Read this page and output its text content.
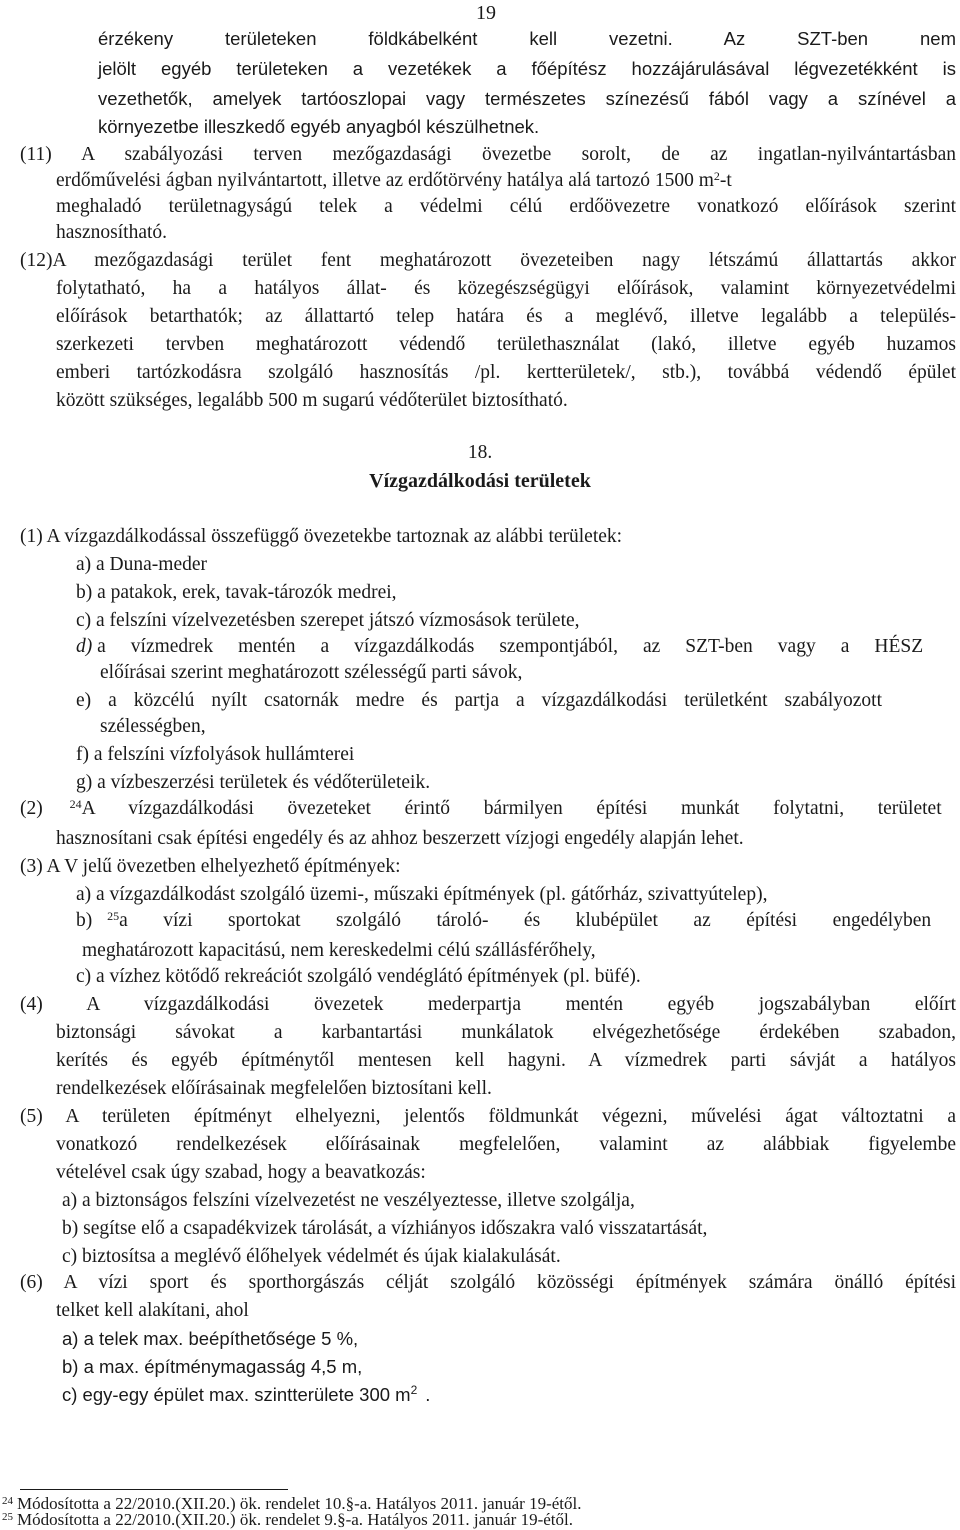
19
érzékeny területeken földkábelként kell vezetni. Az SZT-ben nem
jelölt egyéb területeken a vezetékek a főépítész hozzájárulásával légvezetékként is
vezethetők, amelyek tartóoszlopai vagy természetes színezésű fából vagy a színével a
környezetbe illeszkedő egyéb anyagból készülhetnek.
(11) A szabályozási terven mezőgazdasági övezetbe sorolt, de az ingatlan-nyilvántartásban
erdőművelési ágban nyilvántartott, illetve az erdőtörvény hatálya alá tartozó 1500 $m^2-t$
meghaladó területnagyságú telek a védelmi célú erdőövezetre vonatkozó előírások szerint
hasznosítható.
(12)A mezőgazdasági terület fent meghatározott övezeteiben nagy létszámú állattartás akkor
folytatható, ha a hatályos állat- és közegészségügyi előírások, valamint környezetvédelmi
előírások betarthatók; az állattartó telep határa és a meglévő, illetve legalább a település-
szerkezeti tervben meghatározott védendő területhasználat (lakó, illetve egyéb huzamos
emberi tartózkodásra szolgáló hasznosítás /pl. kertterületek/, stb.), továbbá védendő épület
között szükséges, legalább 500 m sugarú védőterület biztosítható.
18.
Vízgazdálkodási területek
(1) A vízgazdálkodással összefüggő övezetekbe tartoznak az alábbi területek:
a) a Duna-meder
b) a patakok, erek, tavak-tározók medrei,
c) a felszíni vízelvezetésben szerepet játszó vízmosások területe,
d) a vízmedrek mentén a vízgazdálkodás szempontjából, az SZT-ben vagy a HÉSZ
előírásai szerint meghatározott szélességű parti sávok,
e) a közcélú nyílt csatornák medre és partja a vízgazdálkodási területként szabályozott
szélességben,
f) a felszíni vízfolyások hullámterei
g) a vízbeszerzési területek és védőterületeik.
(2) $^{24}$A vízgazdálkodási övezeteket érintő bármilyen építési munkát folytatni, területet
hasznosítani csak építési engedély és az ahhoz beszerzett vízjogi engedély alapján lehet.
(3) A V jelű övezetben elhelyezhető építmények:
a) a vízgazdálkodást szolgáló üzemi-, műszaki építmények (pl. gátőrház, szivattyútelep),
b) $^{25}$a vízi sportokat szolgáló tároló- és klubépület az építési engedélyben
meghatározott kapacitású, nem kereskedelmi célú szállásférőhely,
c) a vízhez kötődő rekreációt szolgáló vendéglátó építmények (pl. büfé).
(4) A vízgazdálkodási övezetek mederpartja mentén egyéb jogszabályban előírt
biztonsági sávokat a karbantartási munkálatok elvégezhetősége érdekében szabadon,
kerítés és egyéb építménytől mentesen kell hagyni. A vízmedrek parti sávját a hatályos
rendelkezések előírásainak megfelelően biztosítani kell.
(5) A területen építményt elhelyezni, jelentős földmunkát végezni, művelési ágat változtatni a
vonatkozó rendelkezések előírásainak megfelelően, valamint az alábbiak figyelembe
vételével csak úgy szabad, hogy a beavatkozás:
a) a biztonságos felszíni vízelvezetést ne veszélyeztesse, illetve szolgálja,
b) segítse elő a csapadékvizek tárolását, a vízhiányos időszakra való visszatartását,
c) biztosítsa a meglévő élőhelyek védelmét és újak kialakulását.
(6) A vízi sport és sporthorgászás célját szolgáló közösségi építmények számára önálló építési
telket kell alakítani, ahol
a) a telek max. beépíthetősége 5 %,
b) a max. építménymagasság 4,5 m,
c) egy-egy épület max. szintterülete 300 $m^2$ .
$^{24}$ Módosította a 22/2010.(XII.20.) ök. rendelet 10.§-a. Hatályos 2011. január 19-étől.
$^{25}$ Módosította a 22/2010.(XII.20.) ök. rendelet 9.§-a. Hatályos 2011. január 19-étől.
